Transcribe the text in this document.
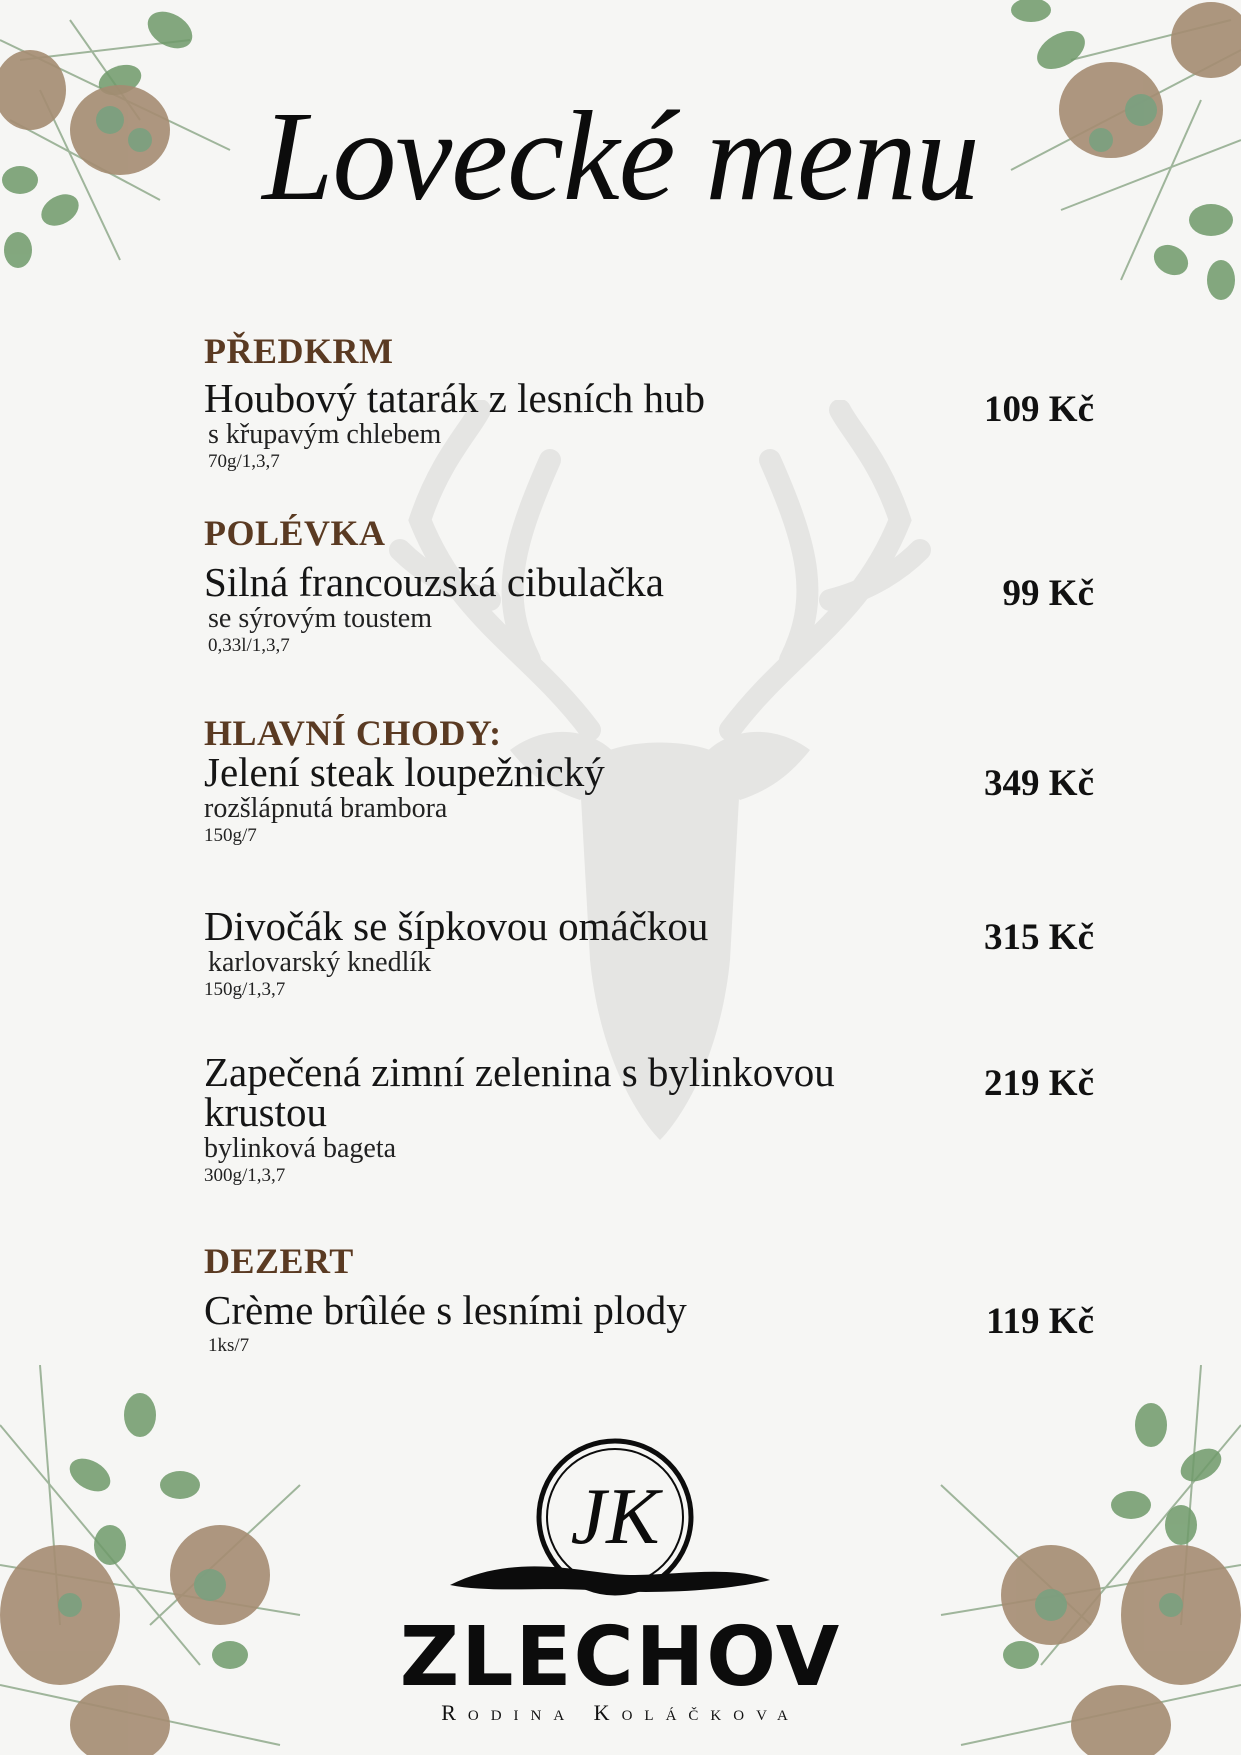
Lovecké menu
PŘEDKRM
Houbový tatarák z lesních hub
s křupavým chlebem
70g/1,3,7
109 Kč
POLÉVKA
Silná francouzská cibulačka
se sýrovým toustem
0,33l/1,3,7
99 Kč
HLAVNÍ CHODY:
Jelení steak loupežnický
rozšlápnutá brambora
150g/7
349 Kč
Divočák se šípkovou omáčkou
karlovarský knedlík
150g/1,3,7
315 Kč
Zapečená zimní zelenina s bylinkovou krustou
bylinková bageta
300g/1,3,7
219 Kč
DEZERT
Crème brûlée s lesními plody
1ks/7
119 Kč
JK
ZLECHOV
Rodina Koláčkova
